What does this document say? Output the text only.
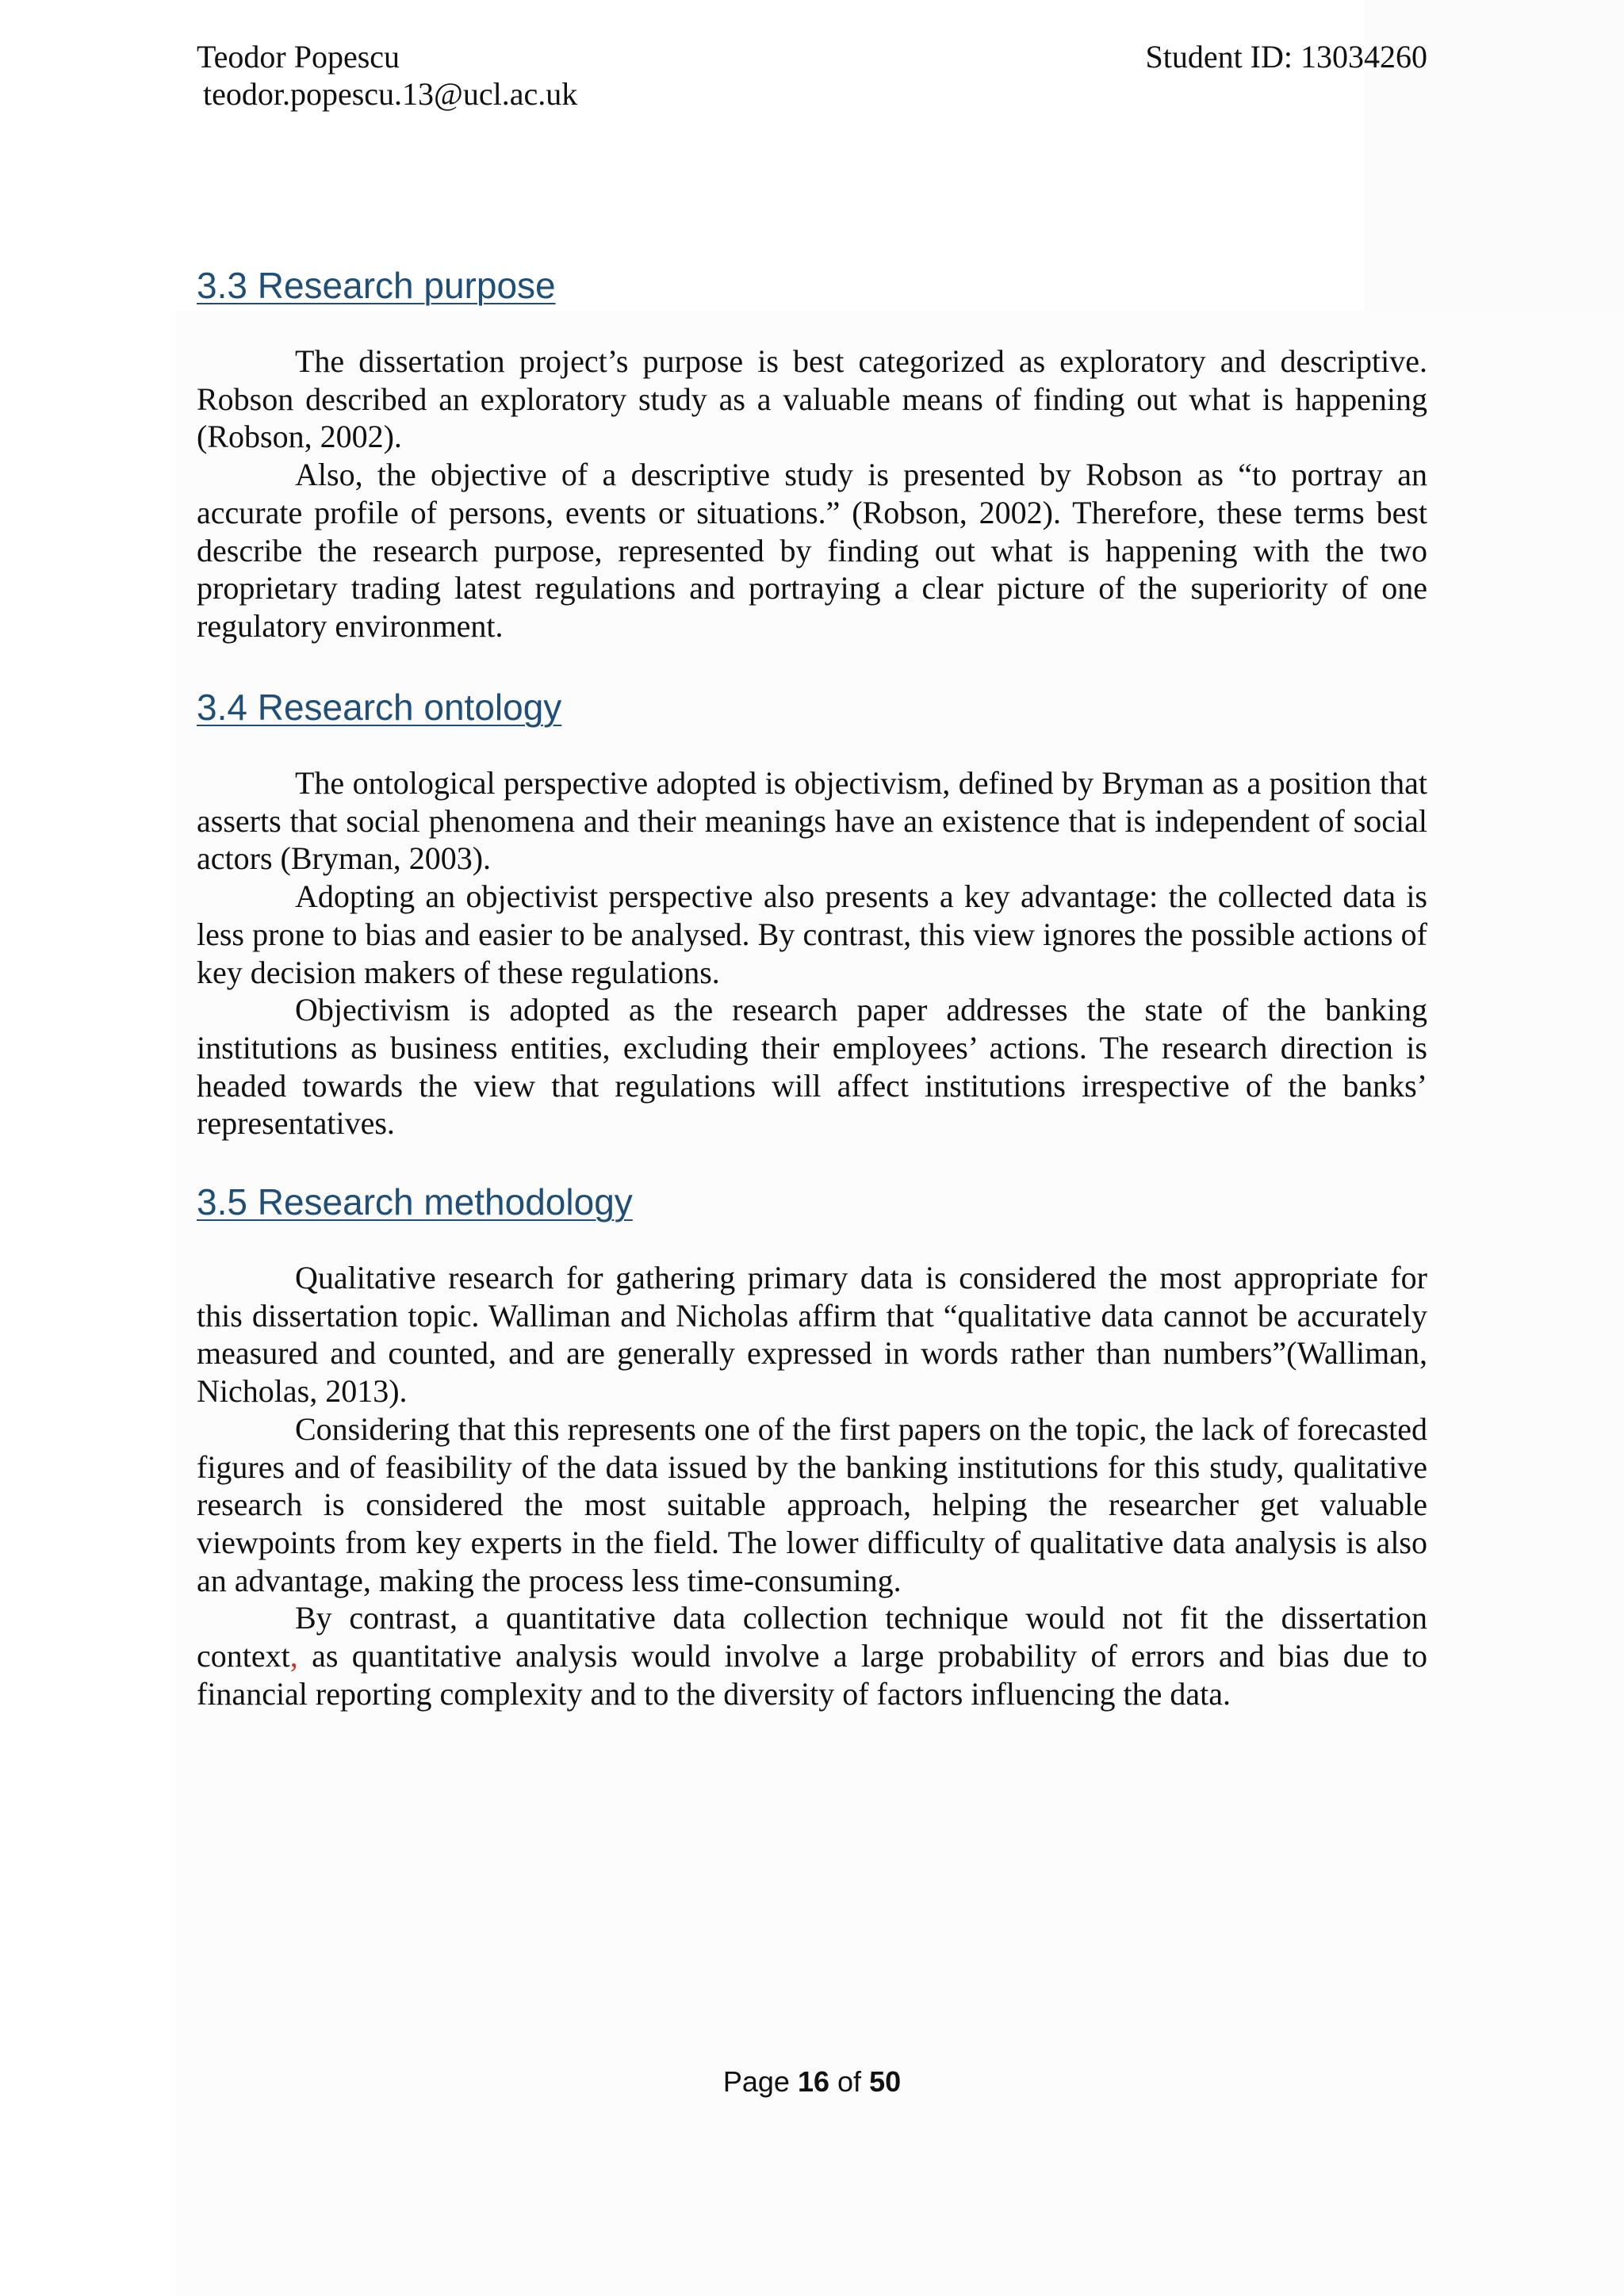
Teodor Popescu
teodor.popescu.13@ucl.ac.uk
Student ID: 13034260
3.3 Research purpose

The dissertation project’s purpose is best categorized as exploratory and descriptive. Robson described an exploratory study as a valuable means of finding out what is happening (Robson, 2002).

Also, the objective of a descriptive study is presented by Robson as “to portray an accurate profile of persons, events or situations.” (Robson, 2002). Therefore, these terms best describe the research purpose, represented by finding out what is happening with the two proprietary trading latest regulations and portraying a clear picture of the superiority of one regulatory environment.

3.4 Research ontology

The ontological perspective adopted is objectivism, defined by Bryman as a position that asserts that social phenomena and their meanings have an existence that is independent of social actors (Bryman, 2003).

Adopting an objectivist perspective also presents a key advantage: the collected data is less prone to bias and easier to be analysed. By contrast, this view ignores the possible actions of key decision makers of these regulations.

Objectivism is adopted as the research paper addresses the state of the banking institutions as business entities, excluding their employees’ actions. The research direction is headed towards the view that regulations will affect institutions irrespective of the banks’ representatives.

3.5 Research methodology

Qualitative research for gathering primary data is considered the most appropriate for this dissertation topic. Walliman and Nicholas affirm that “qualitative data cannot be accurately measured and counted, and are generally expressed in words rather than numbers”(Walliman, Nicholas, 2013).

Considering that this represents one of the first papers on the topic, the lack of forecasted figures and of feasibility of the data issued by the banking institutions for this study, qualitative research is considered the most suitable approach, helping the researcher get valuable viewpoints from key experts in the field. The lower difficulty of qualitative data analysis is also an advantage, making the process less time-consuming.

By contrast, a quantitative data collection technique would not fit the dissertation context, as quantitative analysis would involve a large probability of errors and bias due to financial reporting complexity and to the diversity of factors influencing the data.

Page 16 of 50
